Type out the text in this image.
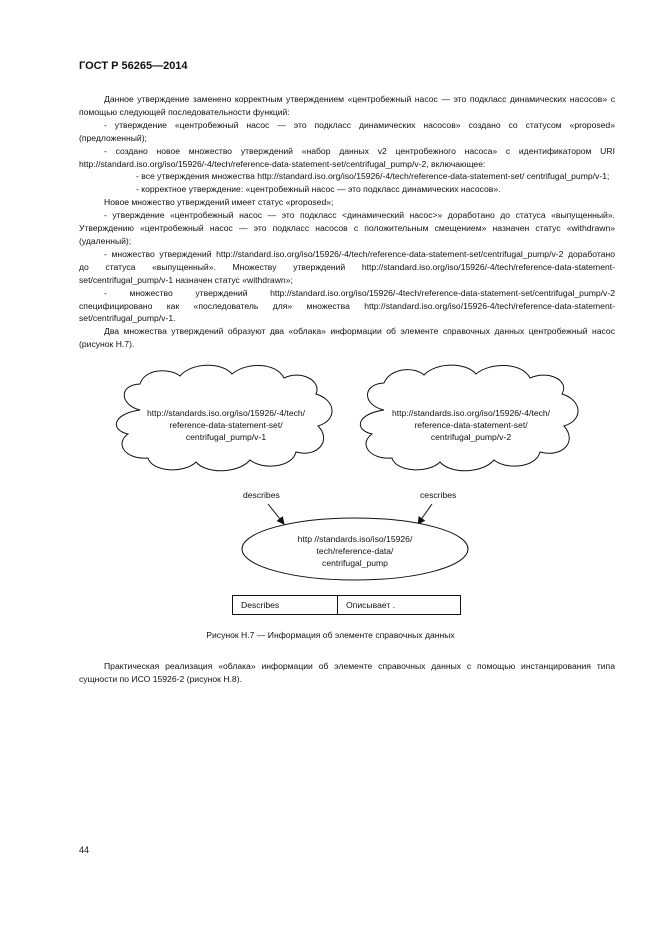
ГОСТ Р 56265—2014

Данное утверждение заменено корректным утверждением «центробежный насос — это подкласс динамических насосов» с помощью следующей последовательности функций:

- утверждение «центробежный насос — это подкласс динамических насосов» создано со статусом «proposed» (предложенный);

- создано новое множество утверждений «набор данных v2 центробежного насоса» с идентификатором URI http://standard.iso.org/iso/15926/-4/tech/reference-data-statement-set/centrifugal_pump/v-2, включающее:

- все утверждения множества http://standard.iso.org/iso/15926/-4/tech/reference-data-statement-set/ centrifugal_pump/v-1;

- корректное утверждение: «центробежный насос — это подкласс динамических насосов».

Новое множество утверждений имеет статус «proposed»;

- утверждение «центробежный насос — это подкласс <динамический насос>» доработано до статуса «выпущенный». Утверждению «центробежный насос — это подкласс насосов с положительным смещением» назначен статус «withdrawn» (удаленный);

- множество утверждений http://standard.iso.org/iso/15926/-4/tech/reference-data-statement-set/centrifugal_pump/v-2 доработано до статуса «выпущенный». Множеству утверждений http://standard.iso.org/iso/15926/-4/tech/reference-data-statement-set/centrifugal_pump/v-1 назначен статус «withdrawn»;

- множество утверждений http://standard.iso.org/iso/15926/-4tech/reference-data-statement-set/centrifugal_pump/v-2 специфицировано как «последователь для» множества http://standard.iso.org/iso/15926-4/tech/reference-data-statement-set/centrifugal_pump/v-1.

Два множества утверждений образуют два «облака» информации об элементе справочных данных центробежный насос (рисунок Н.7).

http://standards.iso.org/iso/15926/-4/tech/
reference-data-statement-set/
centrifugal_pump/v-1
http://standards.iso.org/iso/15926/-4/tech/
reference-data-statement-set/
centrifugal_pump/v-2
describes	cescribes
http //standards.iso/iso/15926/
tech/reference-data/
centrifugal_pump
Describes	Описывает .
Рисунок Н.7 — Информация об элементе справочных данных

Практическая реализация «облака» информации об элементе справочных данных с помощью инстанцирования типа сущности по ИСО 15926-2 (рисунок Н.8).

44
